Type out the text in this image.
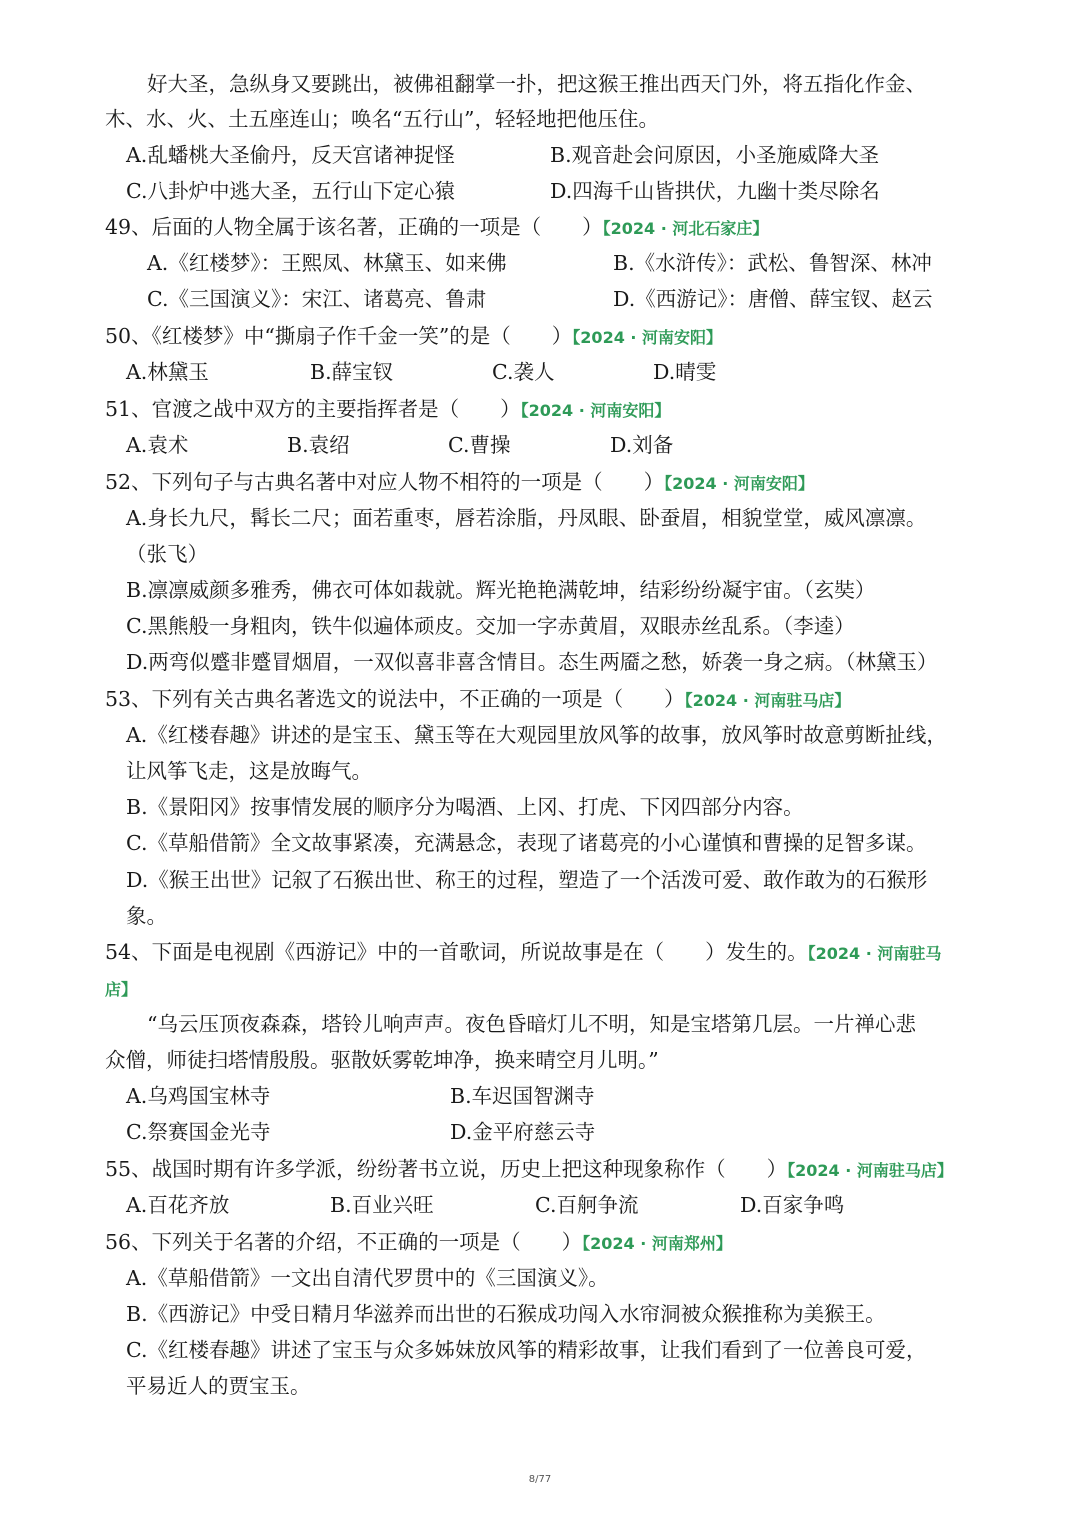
好大圣，急纵身又要跳出，被佛祖翻掌一扑，把这猴王推出西天门外，将五指化作金、
木、水、火、土五座连山；唤名“五行山”，轻轻地把他压住。
A.乱蟠桃大圣偷丹，反天宫诸神捉怪	B.观音赴会问原因，小圣施威降大圣
C.八卦炉中逃大圣，五行山下定心猿	D.四海千山皆拱伏，九幽十类尽除名
49、后面的人物全属于该名著，正确的一项是（　　）【2024 · 河北石家庄】
A.《红楼梦》：王熙凤、林黛玉、如来佛	B.《水浒传》：武松、鲁智深、林冲
C.《三国演义》：宋江、诸葛亮、鲁肃	D.《西游记》：唐僧、薛宝钗、赵云
50、《红楼梦》中“撕扇子作千金一笑”的是（　　）【2024 · 河南安阳】
A.林黛玉	B.薛宝钗	C.袭人	D.晴雯
51、官渡之战中双方的主要指挥者是（　　）【2024 · 河南安阳】
A.袁术	B.袁绍	C.曹操	D.刘备
52、下列句子与古典名著中对应人物不相符的一项是（　　）【2024 · 河南安阳】
A.身长九尺，髯长二尺；面若重枣，唇若涂脂，丹凤眼、卧蚕眉，相貌堂堂，威风凛凛。
（张飞）
B.凛凛威颜多雅秀，佛衣可体如裁就。辉光艳艳满乾坤，结彩纷纷凝宇宙。（玄奘）
C.黑熊般一身粗肉，铁牛似遍体顽皮。交加一字赤黄眉，双眼赤丝乱系。（李逵）
D.两弯似蹙非蹙冒烟眉，一双似喜非喜含情目。态生两靥之愁，娇袭一身之病。（林黛玉）
53、下列有关古典名著选文的说法中，不正确的一项是（　　）【2024 · 河南驻马店】
A.《红楼春趣》讲述的是宝玉、黛玉等在大观园里放风筝的故事，放风筝时故意剪断扯线，
让风筝飞走，这是放晦气。
B.《景阳冈》按事情发展的顺序分为喝酒、上冈、打虎、下冈四部分内容。
C.《草船借箭》全文故事紧凑，充满悬念，表现了诸葛亮的小心谨慎和曹操的足智多谋。
D.《猴王出世》记叙了石猴出世、称王的过程，塑造了一个活泼可爱、敢作敢为的石猴形
象。
54、下面是电视剧《西游记》中的一首歌词，所说故事是在（　　）发生的。【2024 · 河南驻马
店】
“乌云压顶夜森森，塔铃儿响声声。夜色昏暗灯儿不明，知是宝塔第几层。一片禅心悲
众僧，师徒扫塔情殷殷。驱散妖雾乾坤净，换来晴空月儿明。”
A.乌鸡国宝林寺	B.车迟国智渊寺
C.祭赛国金光寺	D.金平府慈云寺
55、战国时期有许多学派，纷纷著书立说，历史上把这种现象称作（　　）【2024 · 河南驻马店】
A.百花齐放	B.百业兴旺	C.百舸争流	D.百家争鸣
56、下列关于名著的介绍，不正确的一项是（　　）【2024 · 河南郑州】
A.《草船借箭》一文出自清代罗贯中的《三国演义》。
B.《西游记》中受日精月华滋养而出世的石猴成功闯入水帘洞被众猴推称为美猴王。
C.《红楼春趣》讲述了宝玉与众多姊妹放风筝的精彩故事，让我们看到了一位善良可爱，
平易近人的贾宝玉。
8/77
